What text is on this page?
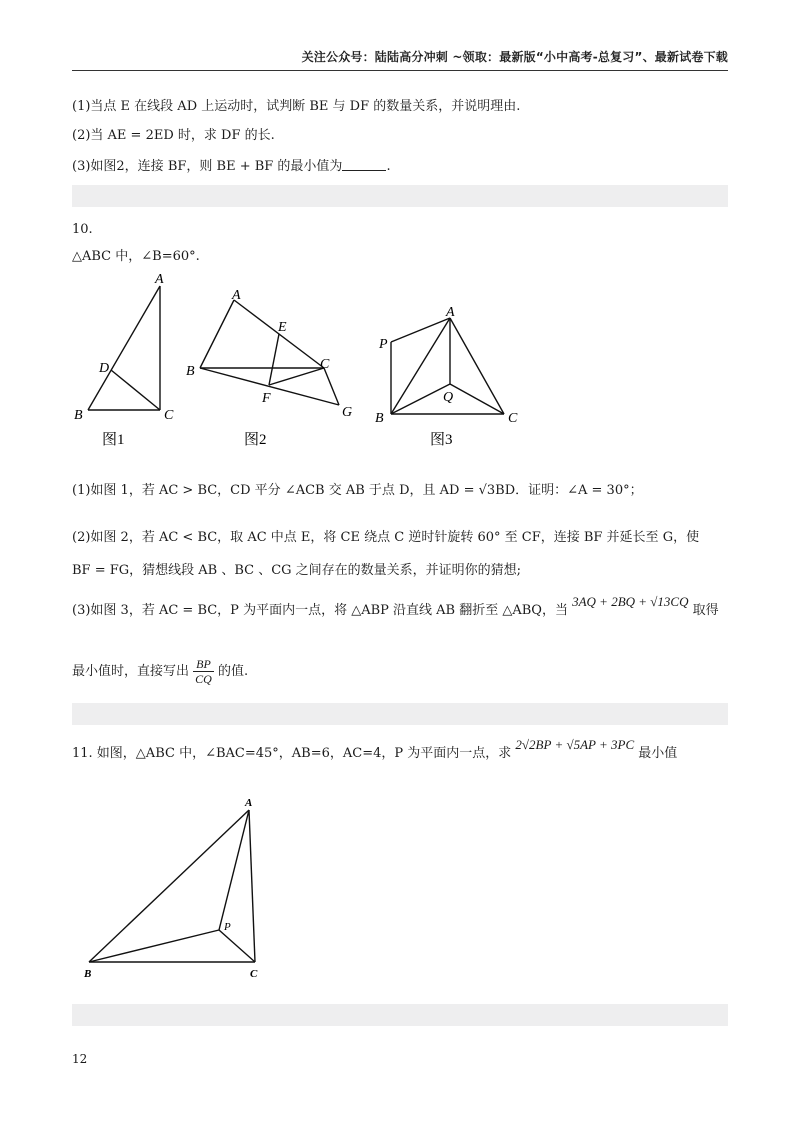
关注公众号：陆陆高分冲刺 ~领取：最新版“小中高考-总复习”、最新试卷下载
(1)当点 E 在线段 AD 上运动时，试判断 BE 与 DF 的数量关系，并说明理由.
(2)当 AE = 2ED 时，求 DF 的长.
(3)如图2，连接 BF，则 BE + BF 的最小值为	.
10.
△ABC 中，∠B=60°.
A
D
B	C
图1
A
E
B	C
F
G
图2
A
P
Q
B	C
图3
(1)如图 1，若 AC > BC，CD 平分 ∠ACB 交 AB 于点 D，且 AD = √3BD．证明：∠A = 30°；
(2)如图 2，若 AC < BC，取 AC 中点 E，将 CE 绕点 C 逆时针旋转 60° 至 CF，连接 BF 并延长至 G，使
BF = FG，猜想线段 AB 、BC 、CG 之间存在的数量关系，并证明你的猜想;
(3)如图 3，若 AC = BC，P 为平面内一点，将 △ABP 沿直线 AB 翻折至 △ABQ，当 3AQ + 2BQ + √13CQ 取得
最小值时，直接写出 $\frac{BP}{CQ}$ 的值.
11. 如图，△ABC 中，∠BAC=45°，AB=6，AC=4，P 为平面内一点，求 2√2BP + √5AP + 3PC 最小值
A
B	C
P
12
